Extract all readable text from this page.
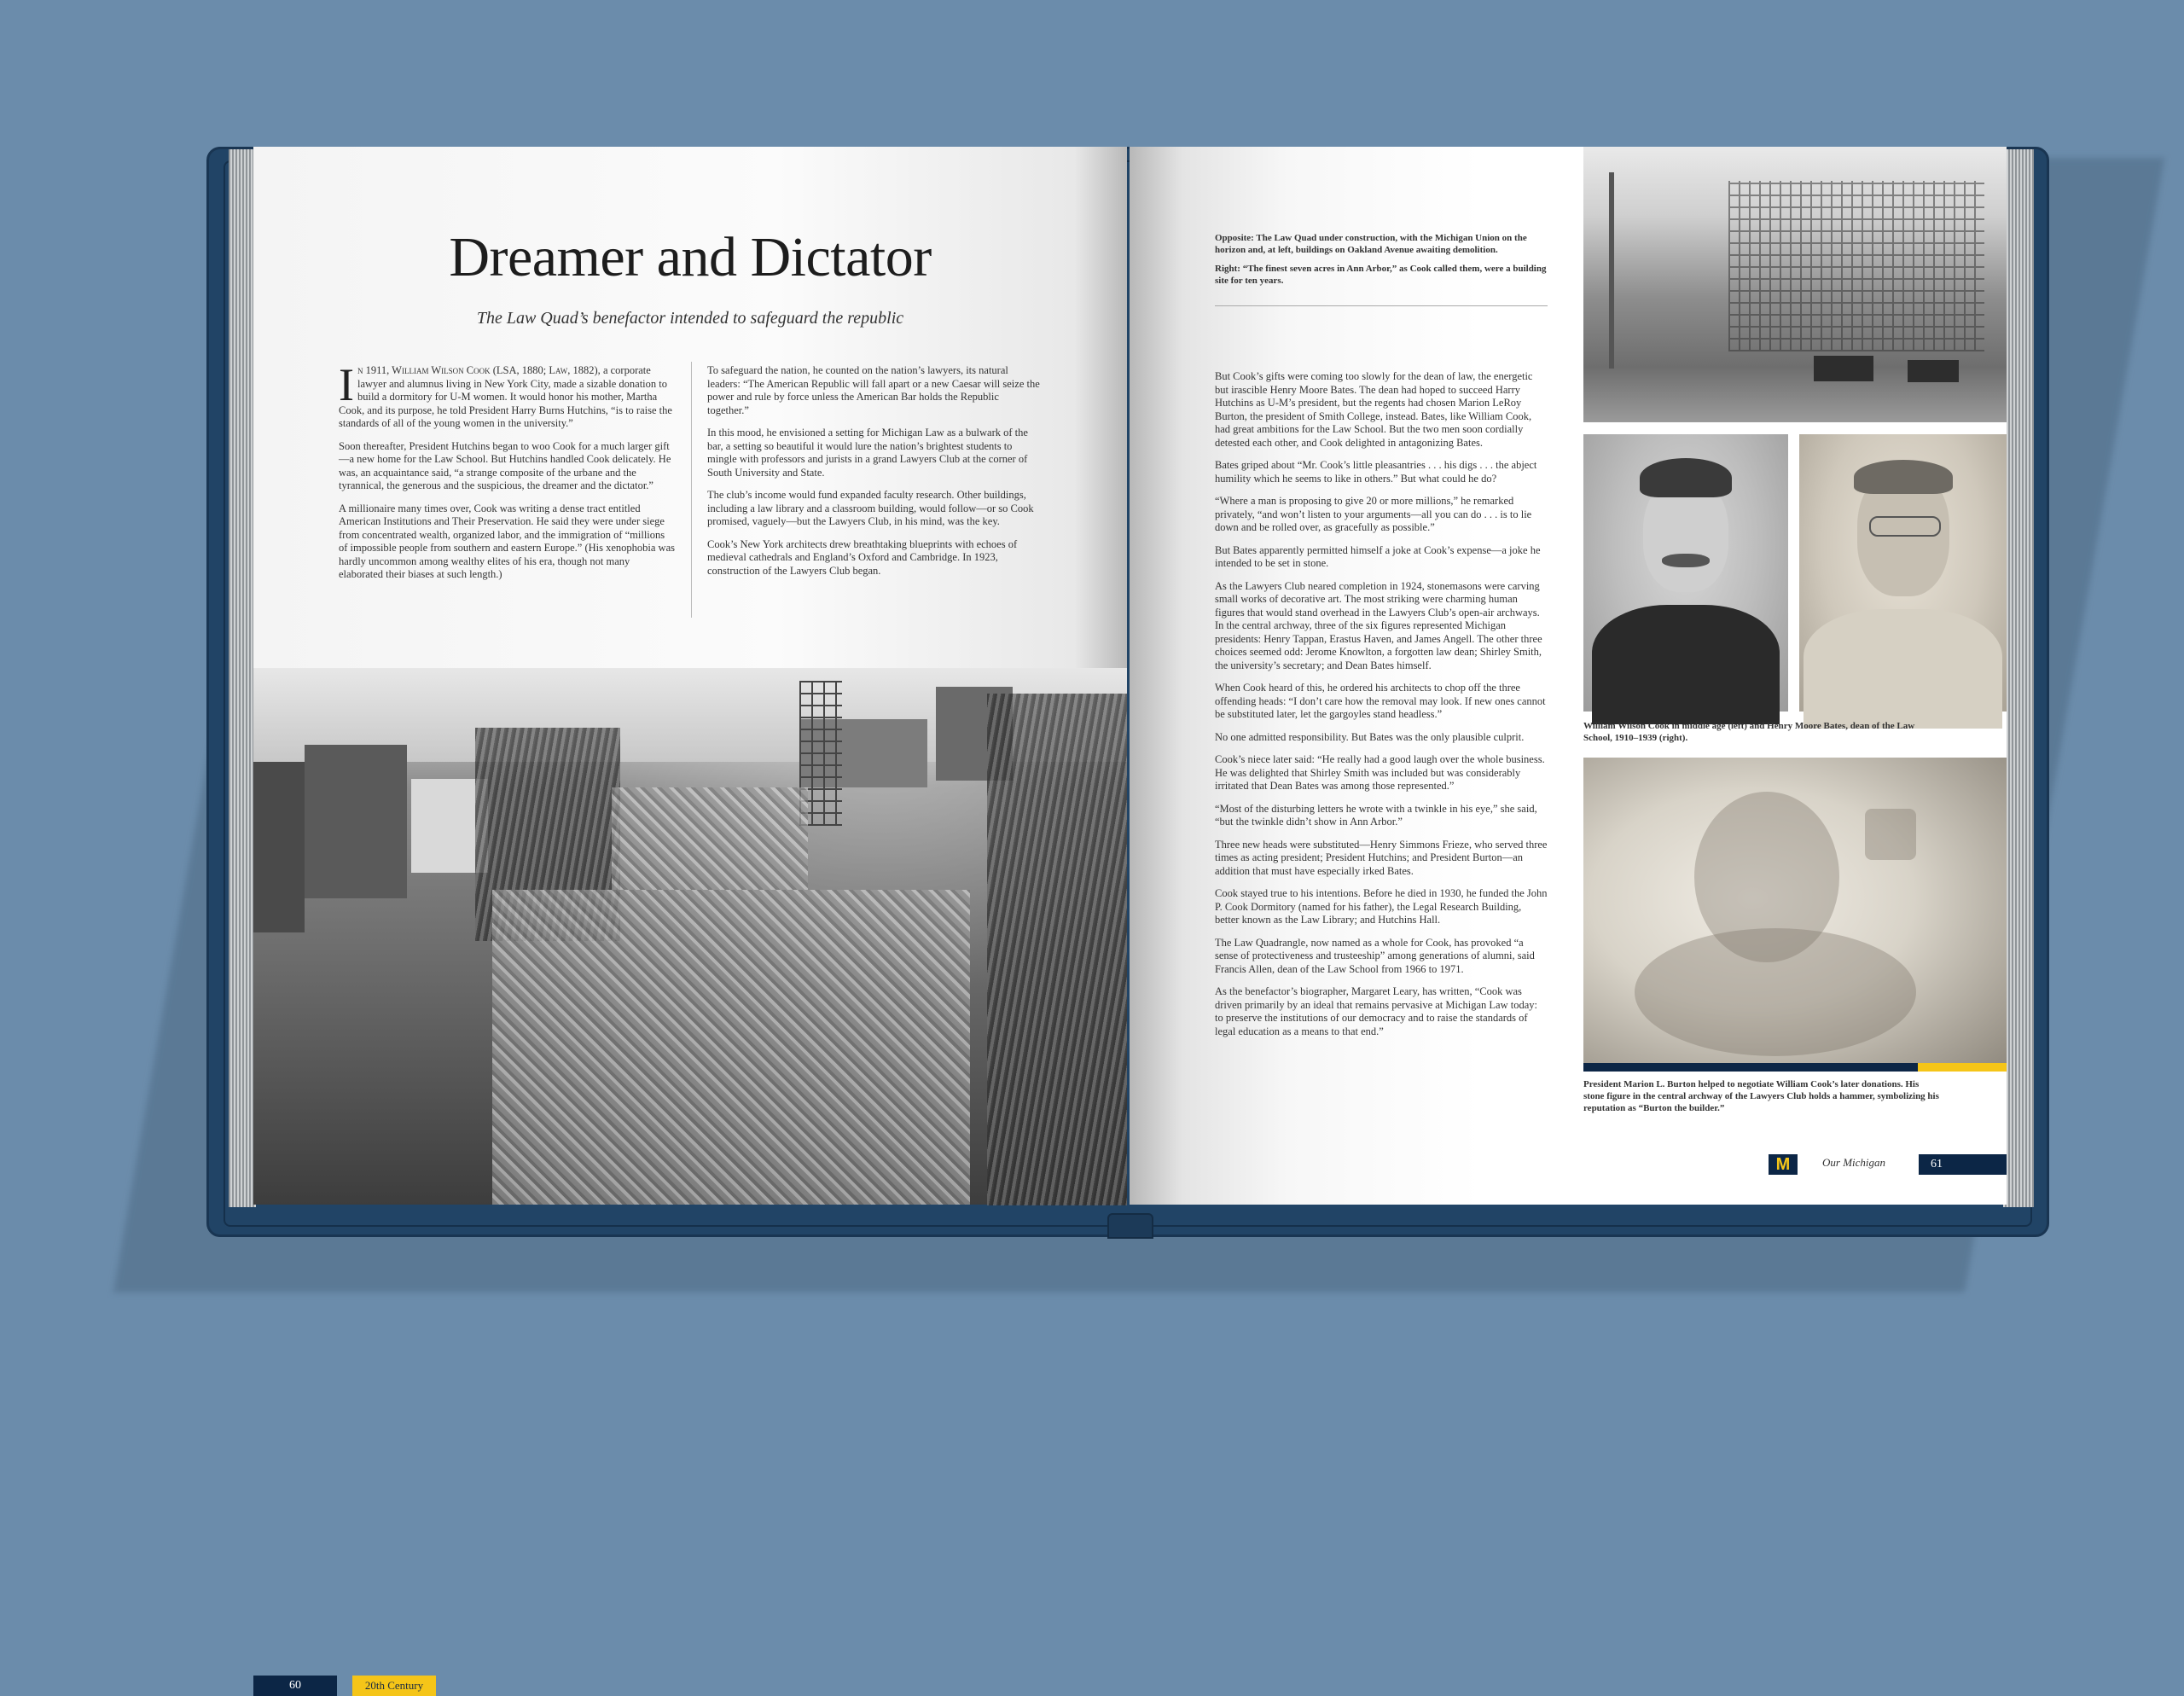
Dreamer and Dictator
The Law Quad’s benefactor intended to safeguard the republic

In 1911, William Wilson Cook (LSA, 1880; Law, 1882), a corporate lawyer and alumnus living in New York City, made a sizable donation to build a dormitory for U-M women. It would honor his mother, Martha Cook, and its purpose, he told President Harry Burns Hutchins, “is to raise the standards of all of the young women in the university.”

Soon thereafter, President Hutchins began to woo Cook for a much larger gift—a new home for the Law School. But Hutchins handled Cook delicately. He was, an acquaintance said, “a strange composite of the urbane and the tyrannical, the generous and the suspicious, the dreamer and the dictator.”

A millionaire many times over, Cook was writing a dense tract entitled American Institutions and Their Preservation. He said they were under siege from concentrated wealth, organized labor, and the immigration of “millions of impossible people from southern and eastern Europe.” (His xenophobia was hardly uncommon among wealthy elites of his era, though not many elaborated their biases at such length.)

To safeguard the nation, he counted on the nation’s lawyers, its natural leaders: “The American Republic will fall apart or a new Caesar will seize the power and rule by force unless the American Bar holds the Republic together.”

In this mood, he envisioned a setting for Michigan Law as a bulwark of the bar, a setting so beautiful it would lure the nation’s brightest students to mingle with professors and jurists in a grand Lawyers Club at the corner of South University and State.

The club’s income would fund expanded faculty research. Other buildings, including a law library and a classroom building, would follow—or so Cook promised, vaguely—but the Lawyers Club, in his mind, was the key.

Cook’s New York architects drew breathtaking blueprints with echoes of medieval cathedrals and England’s Oxford and Cambridge. In 1923, construction of the Lawyers Club began.

60	20th Century

Opposite: The Law Quad under construction, with the Michigan Union on the horizon and, at left, buildings on Oakland Avenue awaiting demolition.

Right: “The finest seven acres in Ann Arbor,” as Cook called them, were a building site for ten years.

But Cook’s gifts were coming too slowly for the dean of law, the energetic but irascible Henry Moore Bates. The dean had hoped to succeed Harry Hutchins as U-M’s president, but the regents had chosen Marion LeRoy Burton, the president of Smith College, instead. Bates, like William Cook, had great ambitions for the Law School. But the two men soon cordially detested each other, and Cook delighted in antagonizing Bates.

Bates griped about “Mr. Cook’s little pleasantries . . . his digs . . . the abject humility which he seems to like in others.” But what could he do?

“Where a man is proposing to give 20 or more millions,” he remarked privately, “and won’t listen to your arguments—all you can do . . . is to lie down and be rolled over, as gracefully as possible.”

But Bates apparently permitted himself a joke at Cook’s expense—a joke he intended to be set in stone.

As the Lawyers Club neared completion in 1924, stonemasons were carving small works of decorative art. The most striking were charming human figures that would stand overhead in the Lawyers Club’s open-air archways. In the central archway, three of the six figures represented Michigan presidents: Henry Tappan, Erastus Haven, and James Angell. The other three choices seemed odd: Jerome Knowlton, a forgotten law dean; Shirley Smith, the university’s secretary; and Dean Bates himself.

When Cook heard of this, he ordered his architects to chop off the three offending heads: “I don’t care how the removal may look. If new ones cannot be substituted later, let the gargoyles stand headless.”

No one admitted responsibility. But Bates was the only plausible culprit.

Cook’s niece later said: “He really had a good laugh over the whole business. He was delighted that Shirley Smith was included but was considerably irritated that Dean Bates was among those represented.”

“Most of the disturbing letters he wrote with a twinkle in his eye,” she said, “but the twinkle didn’t show in Ann Arbor.”

Three new heads were substituted—Henry Simmons Frieze, who served three times as acting president; President Hutchins; and President Burton—an addition that must have especially irked Bates.

Cook stayed true to his intentions. Before he died in 1930, he funded the John P. Cook Dormitory (named for his father), the Legal Research Building, better known as the Law Library; and Hutchins Hall.

The Law Quadrangle, now named as a whole for Cook, has provoked “a sense of protectiveness and trusteeship” among generations of alumni, said Francis Allen, dean of the Law School from 1966 to 1971.

As the benefactor’s biographer, Margaret Leary, has written, “Cook was driven primarily by an ideal that remains pervasive at Michigan Law today: to preserve the institutions of our democracy and to raise the standards of legal education as a means to that end.”

William Wilson Cook in middle age (left) and Henry Moore Bates, dean of the Law School, 1910–1939 (right).
President Marion L. Burton helped to negotiate William Cook’s later donations. His stone figure in the central archway of the Lawyers Club holds a hammer, symbolizing his reputation as “Burton the builder.”
M	Our Michigan	61
